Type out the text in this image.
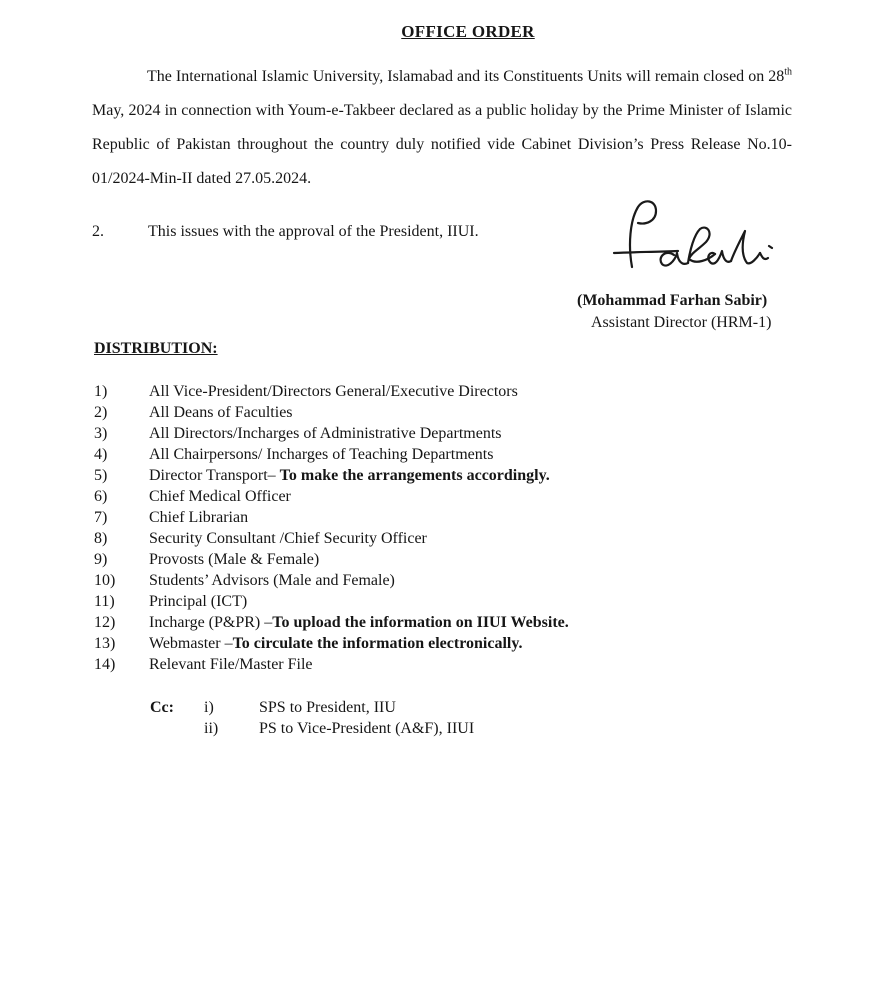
OFFICE ORDER
The International Islamic University, Islamabad and its Constituents Units will remain closed on 28th May, 2024 in connection with Youm-e-Takbeer declared as a public holiday by the Prime Minister of Islamic Republic of Pakistan throughout the country duly notified vide Cabinet Division’s Press Release No.10-01/2024-Min-II dated 27.05.2024.
2.	This issues with the approval of the President, IIUI.
(Mohammad Farhan Sabir)
Assistant Director (HRM-1)
DISTRIBUTION:
1)	All Vice-President/Directors General/Executive Directors
2)	All Deans of Faculties
3)	All Directors/Incharges of Administrative Departments
4)	All Chairpersons/ Incharges of Teaching Departments
5)	Director Transport– To make the arrangements accordingly.
6)	Chief Medical Officer
7)	Chief Librarian
8)	Security Consultant /Chief Security Officer
9)	Provosts (Male & Female)
10) Students’ Advisors (Male and Female)
11) Principal (ICT)
12) Incharge (P&PR) –To upload the information on IIUI Website.
13) Webmaster –To circulate the information electronically.
14) Relevant File/Master File
Cc: i)	SPS to President, IIU
ii)	PS to Vice-President (A&F), IIUI
